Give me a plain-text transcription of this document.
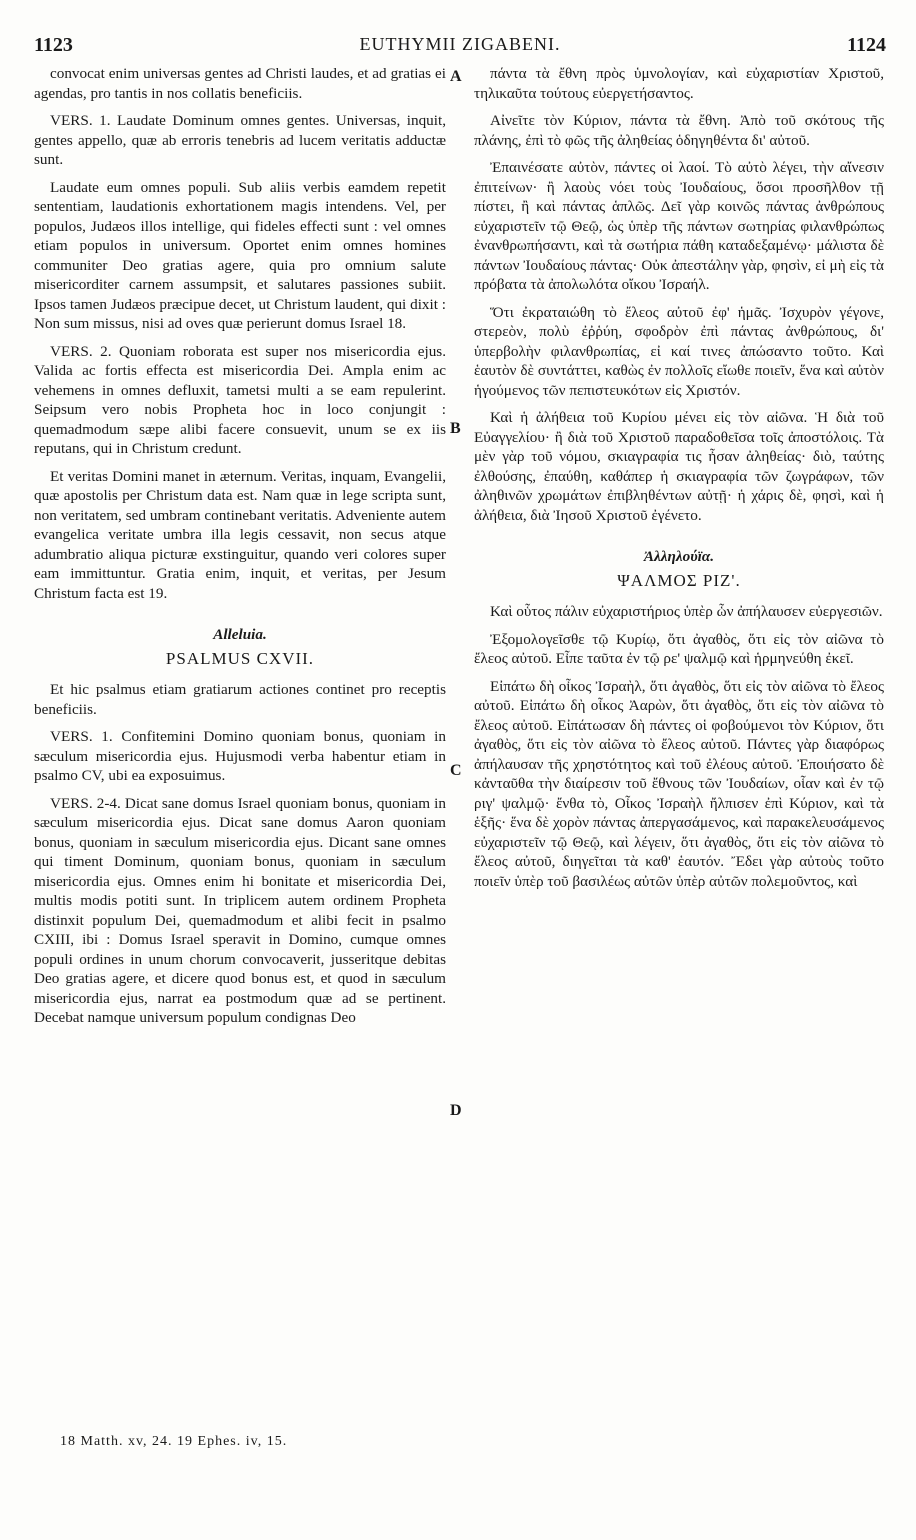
1123	EUTHYMII ZIGABENI.	1124

convocat enim universas gentes ad Christi laudes, et ad gratias ei agendas, pro tantis in nos collatis beneficiis.

VERS. 1. Laudate Dominum omnes gentes. Universas, inquit, gentes appello, quæ ab erroris tenebris ad lucem veritatis adductæ sunt.

Laudate eum omnes populi. Sub aliis verbis eamdem repetit sententiam, laudationis exhortationem magis intendens. Vel, per populos, Judæos illos intellige, qui fideles effecti sunt : vel omnes etiam populos in universum. Oportet enim omnes homines communiter Deo gratias agere, quia pro omnium salute misericorditer carnem assumpsit, et salutares passiones subiit. Ipsos tamen Judæos præcipue decet, ut Christum laudent, qui dixit : Non sum missus, nisi ad oves quæ perierunt domus Israel 18.

VERS. 2. Quoniam roborata est super nos misericordia ejus. Valida ac fortis effecta est misericordia Dei. Ampla enim ac vehemens in omnes defluxit, tametsi multi a se eam repulerint. Seipsum vero nobis Propheta hoc in loco conjungit : quemadmodum sæpe alibi facere consuevit, unum se ex iis reputans, qui in Christum credunt.

Et veritas Domini manet in æternum. Veritas, inquam, Evangelii, quæ apostolis per Christum data est. Nam quæ in lege scripta sunt, non veritatem, sed umbram continebant veritatis. Adveniente autem evangelica veritate umbra illa legis cessavit, non secus atque adumbratio aliqua picturæ exstinguitur, quando veri colores super eam immittuntur. Gratia enim, inquit, et veritas, per Jesum Christum facta est 19.

Alleluia.
PSALMUS CXVII.

Et hic psalmus etiam gratiarum actiones continet pro receptis beneficiis.

VERS. 1. Confitemini Domino quoniam bonus, quoniam in sæculum misericordia ejus. Hujusmodi verba habentur etiam in psalmo CV, ubi ea exposuimus.

VERS. 2-4. Dicat sane domus Israel quoniam bonus, quoniam in sæculum misericordia ejus. Dicat sane domus Aaron quoniam bonus, quoniam in sæculum misericordia ejus. Dicant sane omnes qui timent Dominum, quoniam bonus, quoniam in sæculum misericordia ejus. Omnes enim hi bonitate et misericordia Dei, multis modis potiti sunt. In triplicem autem ordinem Propheta distinxit populum Dei, quemadmodum et alibi fecit in psalmo CXIII, ibi : Domus Israel speravit in Domino, cumque omnes populi ordines in unum chorum convocaverit, jusseritque debitas Deo gratias agere, et dicere quod bonus est, et quod in sæculum misericordia ejus, narrat ea postmodum quæ ad se pertinent. Decebat namque universum populum condignas Deo

πάντα τὰ ἔθνη πρὸς ὑμνολογίαν, καὶ εὐχαριστίαν Χριστοῦ, τηλικαῦτα τούτους εὐεργετήσαντος.

Αἰνεῖτε τὸν Κύριον, πάντα τὰ ἔθνη. Ἀπὸ τοῦ σκότους τῆς πλάνης, ἐπὶ τὸ φῶς τῆς ἀληθείας ὁδηγηθέντα δι' αὐτοῦ.

Ἐπαινέσατε αὐτὸν, πάντες οἱ λαοί. Τὸ αὐτὸ λέγει, τὴν αἴνεσιν ἐπιτείνων· ἢ λαοὺς νόει τοὺς Ἰουδαίους, ὅσοι προσῆλθον τῇ πίστει, ἢ καὶ πάντας ἁπλῶς. Δεῖ γὰρ κοινῶς πάντας ἀνθρώπους εὐχαριστεῖν τῷ Θεῷ, ὡς ὑπὲρ τῆς πάντων σωτηρίας φιλανθρώπως ἐνανθρωπήσαντι, καὶ τὰ σωτήρια πάθη καταδεξαμένῳ· μάλιστα δὲ πάντων Ἰουδαίους πάντας· Οὐκ ἀπεστάλην γὰρ, φησὶν, εἰ μὴ εἰς τὰ πρόβατα τὰ ἀπολωλότα οἴκου Ἰσραήλ.

Ὅτι ἐκραταιώθη τὸ ἔλεος αὐτοῦ ἐφ' ἡμᾶς. Ἰσχυρὸν γέγονε, στερεὸν, πολὺ ἐῤῥύη, σφοδρὸν ἐπὶ πάντας ἀνθρώπους, δι' ὑπερβολὴν φιλανθρωπίας, εἰ καί τινες ἀπώσαντο τοῦτο. Καὶ ἑαυτὸν δὲ συντάττει, καθὼς ἐν πολλοῖς εἴωθε ποιεῖν, ἕνα καὶ αὐτὸν ἡγούμενος τῶν πεπιστευκότων εἰς Χριστόν.

Καὶ ἡ ἀλήθεια τοῦ Κυρίου μένει εἰς τὸν αἰῶνα. Ἡ διὰ τοῦ Εὐαγγελίου· ἢ διὰ τοῦ Χριστοῦ παραδοθεῖσα τοῖς ἀποστόλοις. Τὰ μὲν γὰρ τοῦ νόμου, σκιαγραφία τις ἦσαν ἀληθείας· διὸ, ταύτης ἐλθούσης, ἐπαύθη, καθάπερ ἡ σκιαγραφία τῶν ζωγράφων, τῶν ἀληθινῶν χρωμάτων ἐπιβληθέντων αὐτῇ· ἡ χάρις δὲ, φησὶ, καὶ ἡ ἀλήθεια, διὰ Ἰησοῦ Χριστοῦ ἐγένετο.

Ἀλληλούϊα.
ΨΑΛΜΟΣ ΡΙΖ'.

Καὶ οὗτος πάλιν εὐχαριστήριος ὑπὲρ ὧν ἀπήλαυσεν εὐεργεσιῶν.

Ἐξομολογεῖσθε τῷ Κυρίῳ, ὅτι ἀγαθὸς, ὅτι εἰς τὸν αἰῶνα τὸ ἔλεος αὐτοῦ. Εἶπε ταῦτα ἐν τῷ ρε' ψαλμῷ καὶ ἡρμηνεύθη ἐκεῖ.

Εἰπάτω δὴ οἶκος Ἰσραὴλ, ὅτι ἀγαθὸς, ὅτι εἰς τὸν αἰῶνα τὸ ἔλεος αὐτοῦ. Εἰπάτω δὴ οἶκος Ἀαρὼν, ὅτι ἀγαθὸς, ὅτι εἰς τὸν αἰῶνα τὸ ἔλεος αὐτοῦ. Εἰπάτωσαν δὴ πάντες οἱ φοβούμενοι τὸν Κύριον, ὅτι ἀγαθὸς, ὅτι εἰς τὸν αἰῶνα τὸ ἔλεος αὐτοῦ. Πάντες γὰρ διαφόρως ἀπήλαυσαν τῆς χρηστότητος καὶ τοῦ ἐλέους αὐτοῦ. Ἐποιήσατο δὲ κἀνταῦθα τὴν διαίρεσιν τοῦ ἔθνους τῶν Ἰουδαίων, οἷαν καὶ ἐν τῷ ριγ' ψαλμῷ· ἔνθα τὸ, Οἶκος Ἰσραὴλ ἤλπισεν ἐπὶ Κύριον, καὶ τὰ ἑξῆς· ἕνα δὲ χορὸν πάντας ἀπεργασάμενος, καὶ παρακελευσάμενος εὐχαριστεῖν τῷ Θεῷ, καὶ λέγειν, ὅτι ἀγαθὸς, ὅτι εἰς τὸν αἰῶνα τὸ ἔλεος αὐτοῦ, διηγεῖται τὰ καθ' ἑαυτόν. Ἔδει γὰρ αὐτοὺς τοῦτο ποιεῖν ὑπὲρ τοῦ βασιλέως αὐτῶν ὑπὲρ αὐτῶν πολεμοῦντος, καὶ

A
B
C
D
18 Matth. xv, 24. 19 Ephes. iv, 15.
